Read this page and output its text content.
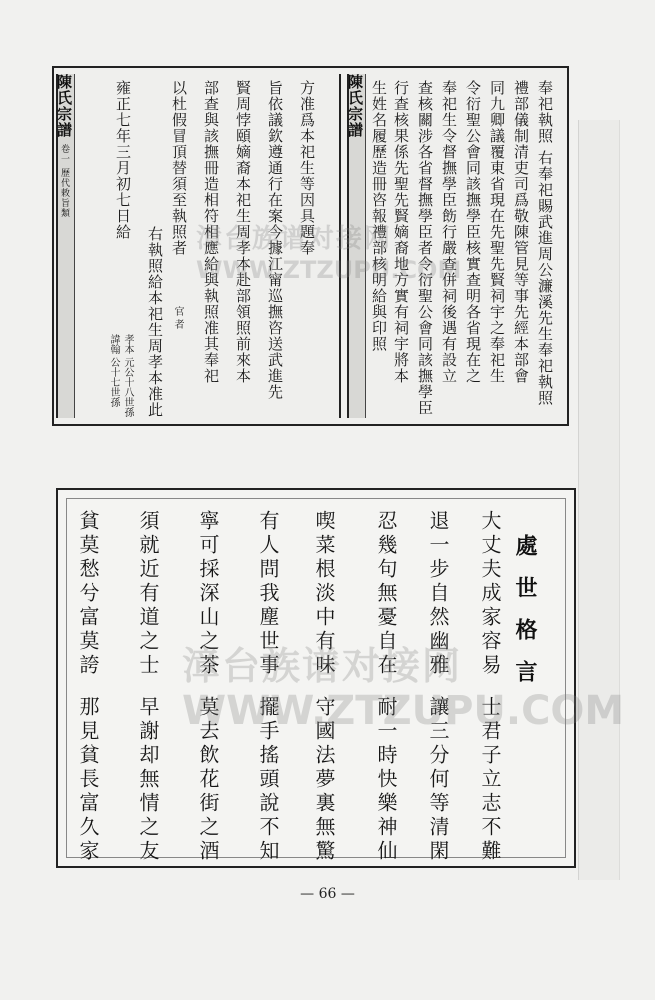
陳氏宗譜
卷一 歷代敕旨類	方准爲本祀生等因具題奉
旨依議欽遵通行在案今據江甯巡撫咨送武進先
賢周悖頤嫡裔本祀生周孝本赴部領照前來本
部查與該撫冊造相符相應給與執照准其奉祀
以杜假冒頂替須至執照者
右執照給本祀生周孝本准此
雍正七年三月初七日給
官 者
孝本 元公十八世孫
諱翰 公十七世孫
陳氏宗譜	奉祀執照 右奉祀賜武進周公濂溪先生奉祀執照
禮部儀制清吏司爲敬陳管見等事先經本部會
同九卿議覆東省現在先聖先賢祠宇之奉祀生
令衍聖公會同該撫學臣核實查明各省現在之
奉祀生令督撫學臣飭行嚴查併祠後遇有設立
查核關涉各省督撫學臣者令衍聖公會同該撫學臣
行查核果係先聖先賢嫡裔地方實有祠宇將本
生姓名履歷造冊咨報禮部核明給與印照
漳台族谱对接网
WWW.ZTZUPU.COM
處世格言
大丈夫成家容易士君子立志不難
退一步自然幽雅讓三分何等清閑
忍幾句無憂自在耐一時快樂神仙
喫菜根淡中有味守國法夢裏無驚
有人問我塵世事擺手搖頭說不知
寧可採深山之茶莫去飲花街之酒
須就近有道之士早謝却無情之友
貧莫愁兮富莫誇那見貧長富久家
漳台族谱对接网
WWW.ZTZUPU.COM
— 66 —
